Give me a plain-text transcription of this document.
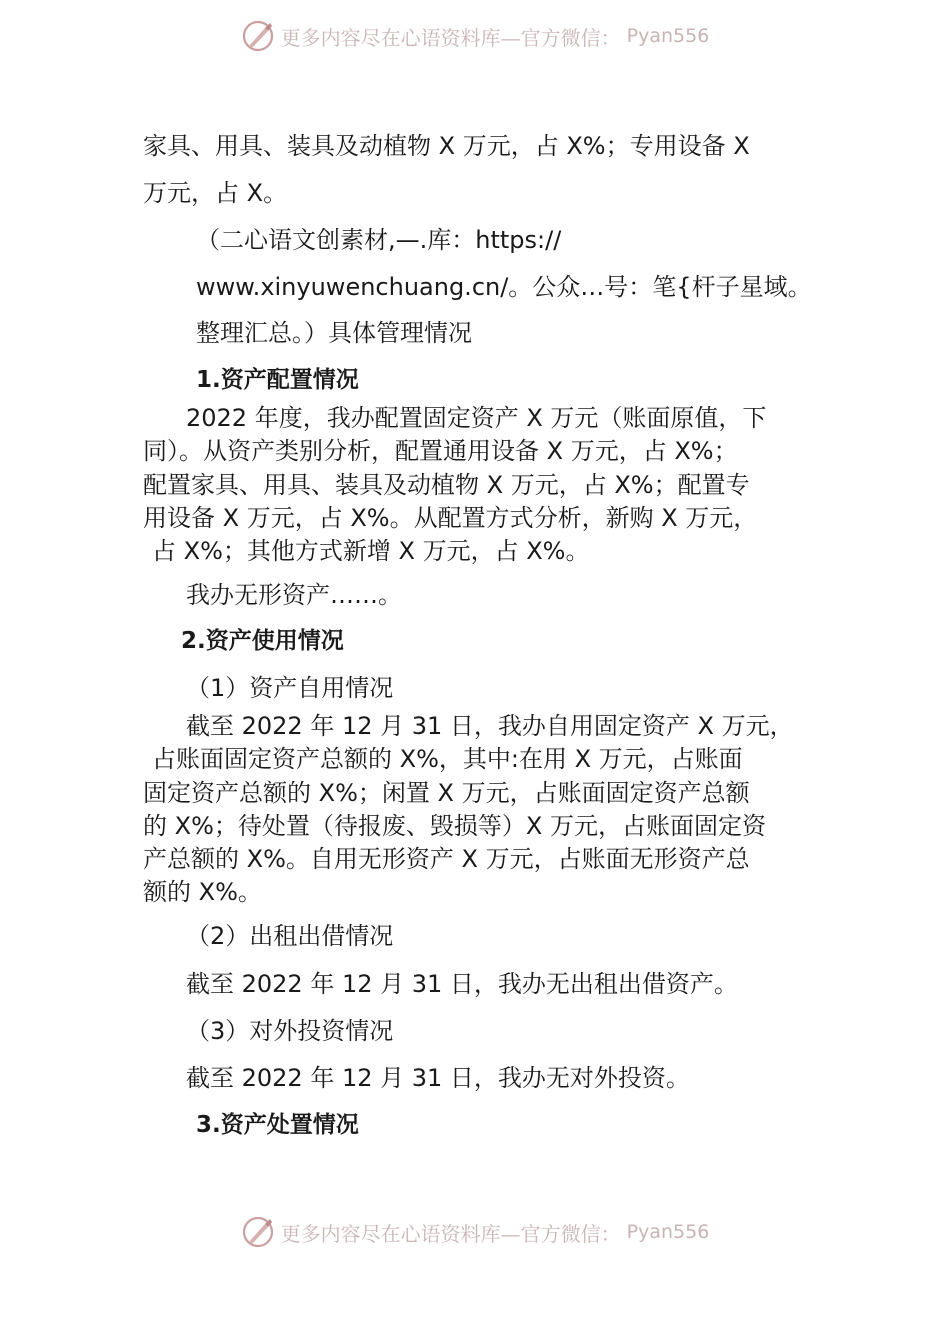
更多内容尽在心语资料库—官方微信： Pyan556
家具、用具、装具及动植物 X 万元，占 X%；专用设备 X
万元，占 X。
（二心语文创素材,—.库：https://
www.xinyuwenchuang.cn/。公众…号：笔{杆子星域。
整理汇总。）具体管理情况
1.资产配置情况
2022 年度，我办配置固定资产 X 万元（账面原值，下
同）。从资产类别分析，配置通用设备 X 万元，占 X%；
配置家具、用具、装具及动植物 X 万元，占 X%；配置专
用设备 X 万元，占 X%。从配置方式分析，新购 X 万元，
占 X%；其他方式新增 X 万元，占 X%。
我办无形资产……。
2.资产使用情况
（1）资产自用情况
截至 2022 年 12 月 31 日，我办自用固定资产 X 万元，
占账面固定资产总额的 X%，其中:在用 X 万元，占账面
固定资产总额的 X%；闲置 X 万元，占账面固定资产总额
的 X%；待处置（待报废、毁损等）X 万元，占账面固定资
产总额的 X%。自用无形资产 X 万元，占账面无形资产总
额的 X%。
（2）出租出借情况
截至 2022 年 12 月 31 日，我办无出租出借资产。
（3）对外投资情况
截至 2022 年 12 月 31 日，我办无对外投资。
3.资产处置情况
更多内容尽在心语资料库—官方微信： Pyan556
